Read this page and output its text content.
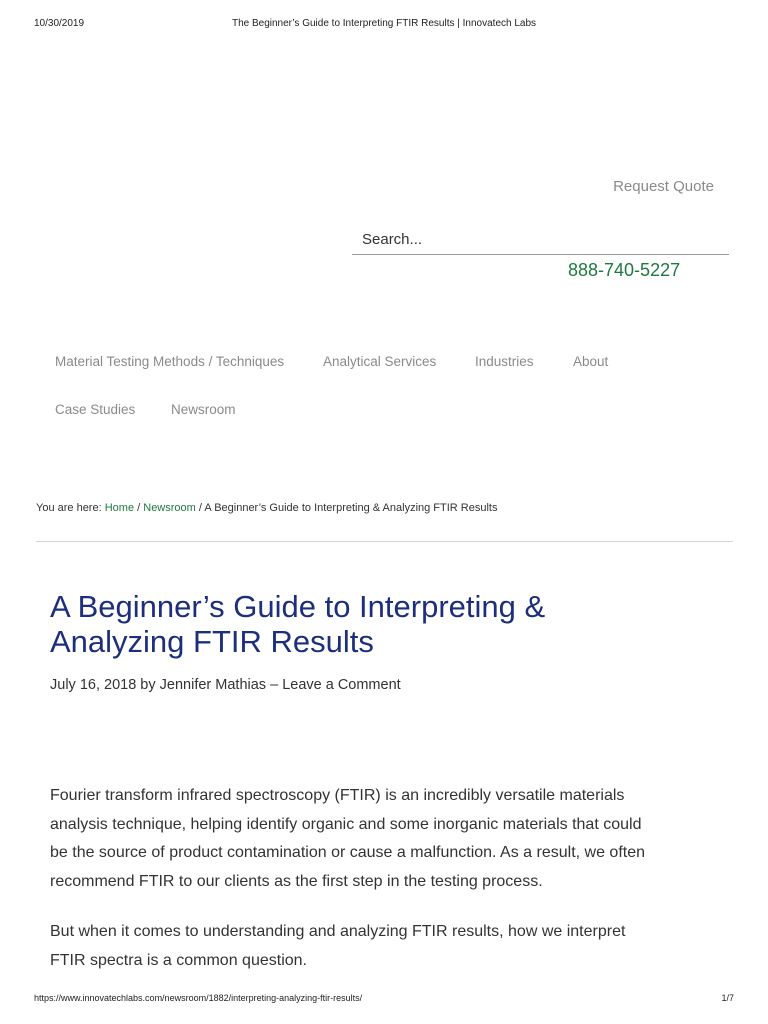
10/30/2019	The Beginner’s Guide to Interpreting FTIR Results | Innovatech Labs
Request Quote
Search...
888-740-5227
Material Testing Methods / Techniques	Analytical Services	Industries	About
Case Studies	Newsroom
You are here: Home / Newsroom / A Beginner’s Guide to Interpreting & Analyzing FTIR Results
A Beginner’s Guide to Interpreting &
Analyzing FTIR Results
July 16, 2018 by Jennifer Mathias – Leave a Comment
Fourier transform infrared spectroscopy (FTIR) is an incredibly versatile materials
analysis technique, helping identify organic and some inorganic materials that could
be the source of product contamination or cause a malfunction. As a result, we often
recommend FTIR to our clients as the first step in the testing process.
But when it comes to understanding and analyzing FTIR results, how we interpret
FTIR spectra is a common question.
https://www.innovatechlabs.com/newsroom/1882/interpreting-analyzing-ftir-results/	1/7
